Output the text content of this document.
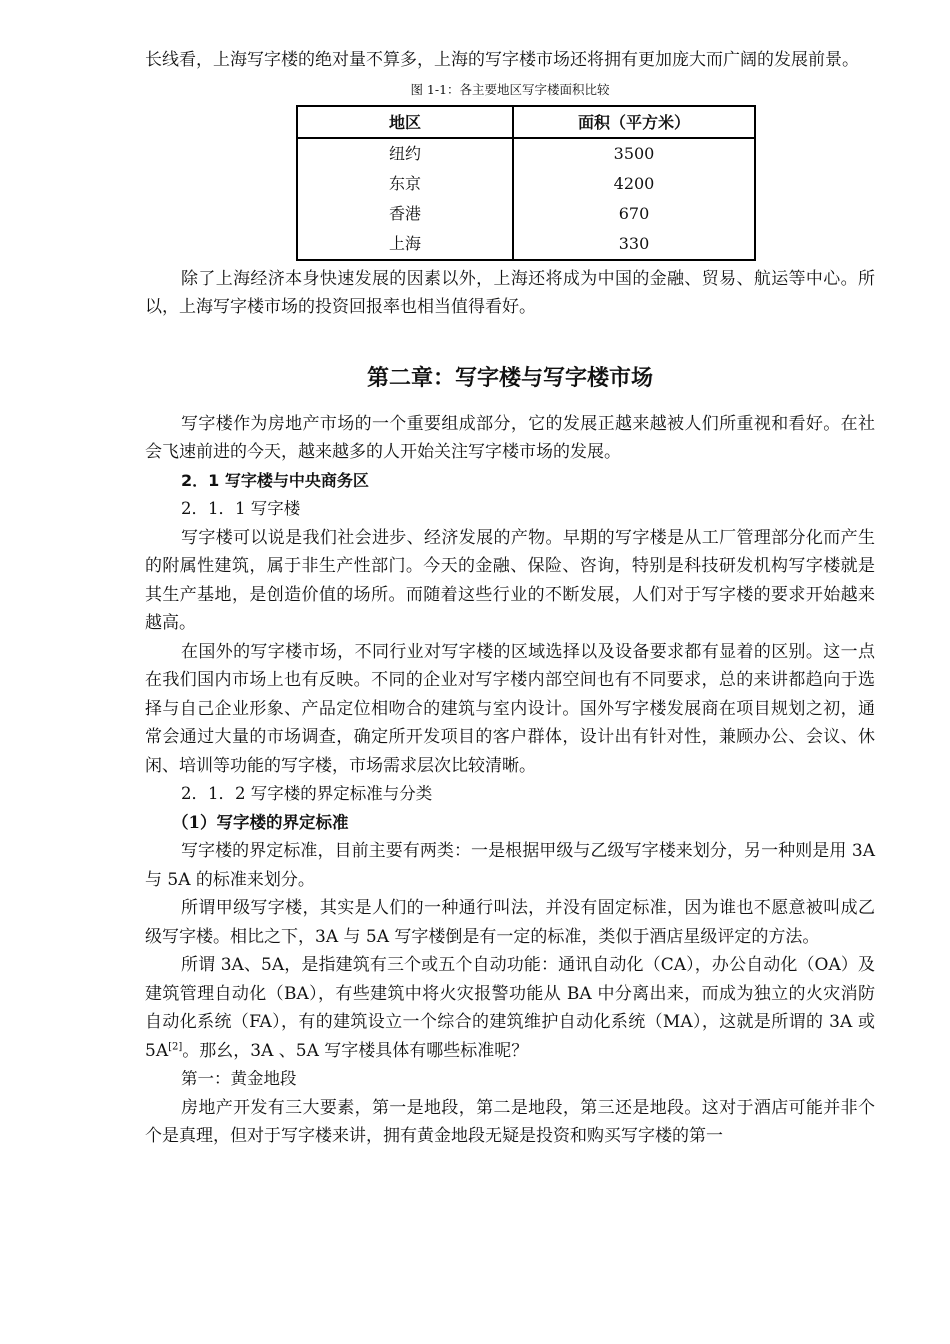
长线看，上海写字楼的绝对量不算多，上海的写字楼市场还将拥有更加庞大而广阔的发展前景。

图 1-1：各主要地区写字楼面积比较
地区	面积（平方米）
纽约	3500
东京	4200
香港	670
上海	330

除了上海经济本身快速发展的因素以外，上海还将成为中国的金融、贸易、航运等中心。所以，上海写字楼市场的投资回报率也相当值得看好。

第二章：写字楼与写字楼市场

写字楼作为房地产市场的一个重要组成部分，它的发展正越来越被人们所重视和看好。在社会飞速前进的今天，越来越多的人开始关注写字楼市场的发展。

2．1 写字楼与中央商务区
2．1．1 写字楼

写字楼可以说是我们社会进步、经济发展的产物。早期的写字楼是从工厂管理部分化而产生的附属性建筑，属于非生产性部门。今天的金融、保险、咨询，特别是科技研发机构写字楼就是其生产基地，是创造价值的场所。而随着这些行业的不断发展，人们对于写字楼的要求开始越来越高。

在国外的写字楼市场，不同行业对写字楼的区域选择以及设备要求都有显着的区别。这一点在我们国内市场上也有反映。不同的企业对写字楼内部空间也有不同要求，总的来讲都趋向于选择与自己企业形象、产品定位相吻合的建筑与室内设计。国外写字楼发展商在项目规划之初，通常会通过大量的市场调查，确定所开发项目的客户群体，设计出有针对性，兼顾办公、会议、休闲、培训等功能的写字楼，市场需求层次比较清晰。

2．1．2 写字楼的界定标准与分类
（1）写字楼的界定标准

写字楼的界定标准，目前主要有两类：一是根据甲级与乙级写字楼来划分，另一种则是用 3A 与 5A 的标准来划分。

所谓甲级写字楼，其实是人们的一种通行叫法，并没有固定标准，因为谁也不愿意被叫成乙级写字楼。相比之下，3A 与 5A 写字楼倒是有一定的标准，类似于酒店星级评定的方法。

所谓 3A、5A，是指建筑有三个或五个自动功能：通讯自动化（CA），办公自动化（OA）及建筑管理自动化（BA），有些建筑中将火灾报警功能从 BA 中分离出来，而成为独立的火灾消防自动化系统（FA），有的建筑设立一个综合的建筑维护自动化系统（MA），这就是所谓的 3A 或 5A[2]。那幺，3A 、5A 写字楼具体有哪些标准呢？

第一：黄金地段

房地产开发有三大要素，第一是地段，第二是地段，第三还是地段。这对于酒店可能并非个个是真理，但对于写字楼来讲，拥有黄金地段无疑是投资和购买写字楼的第一
